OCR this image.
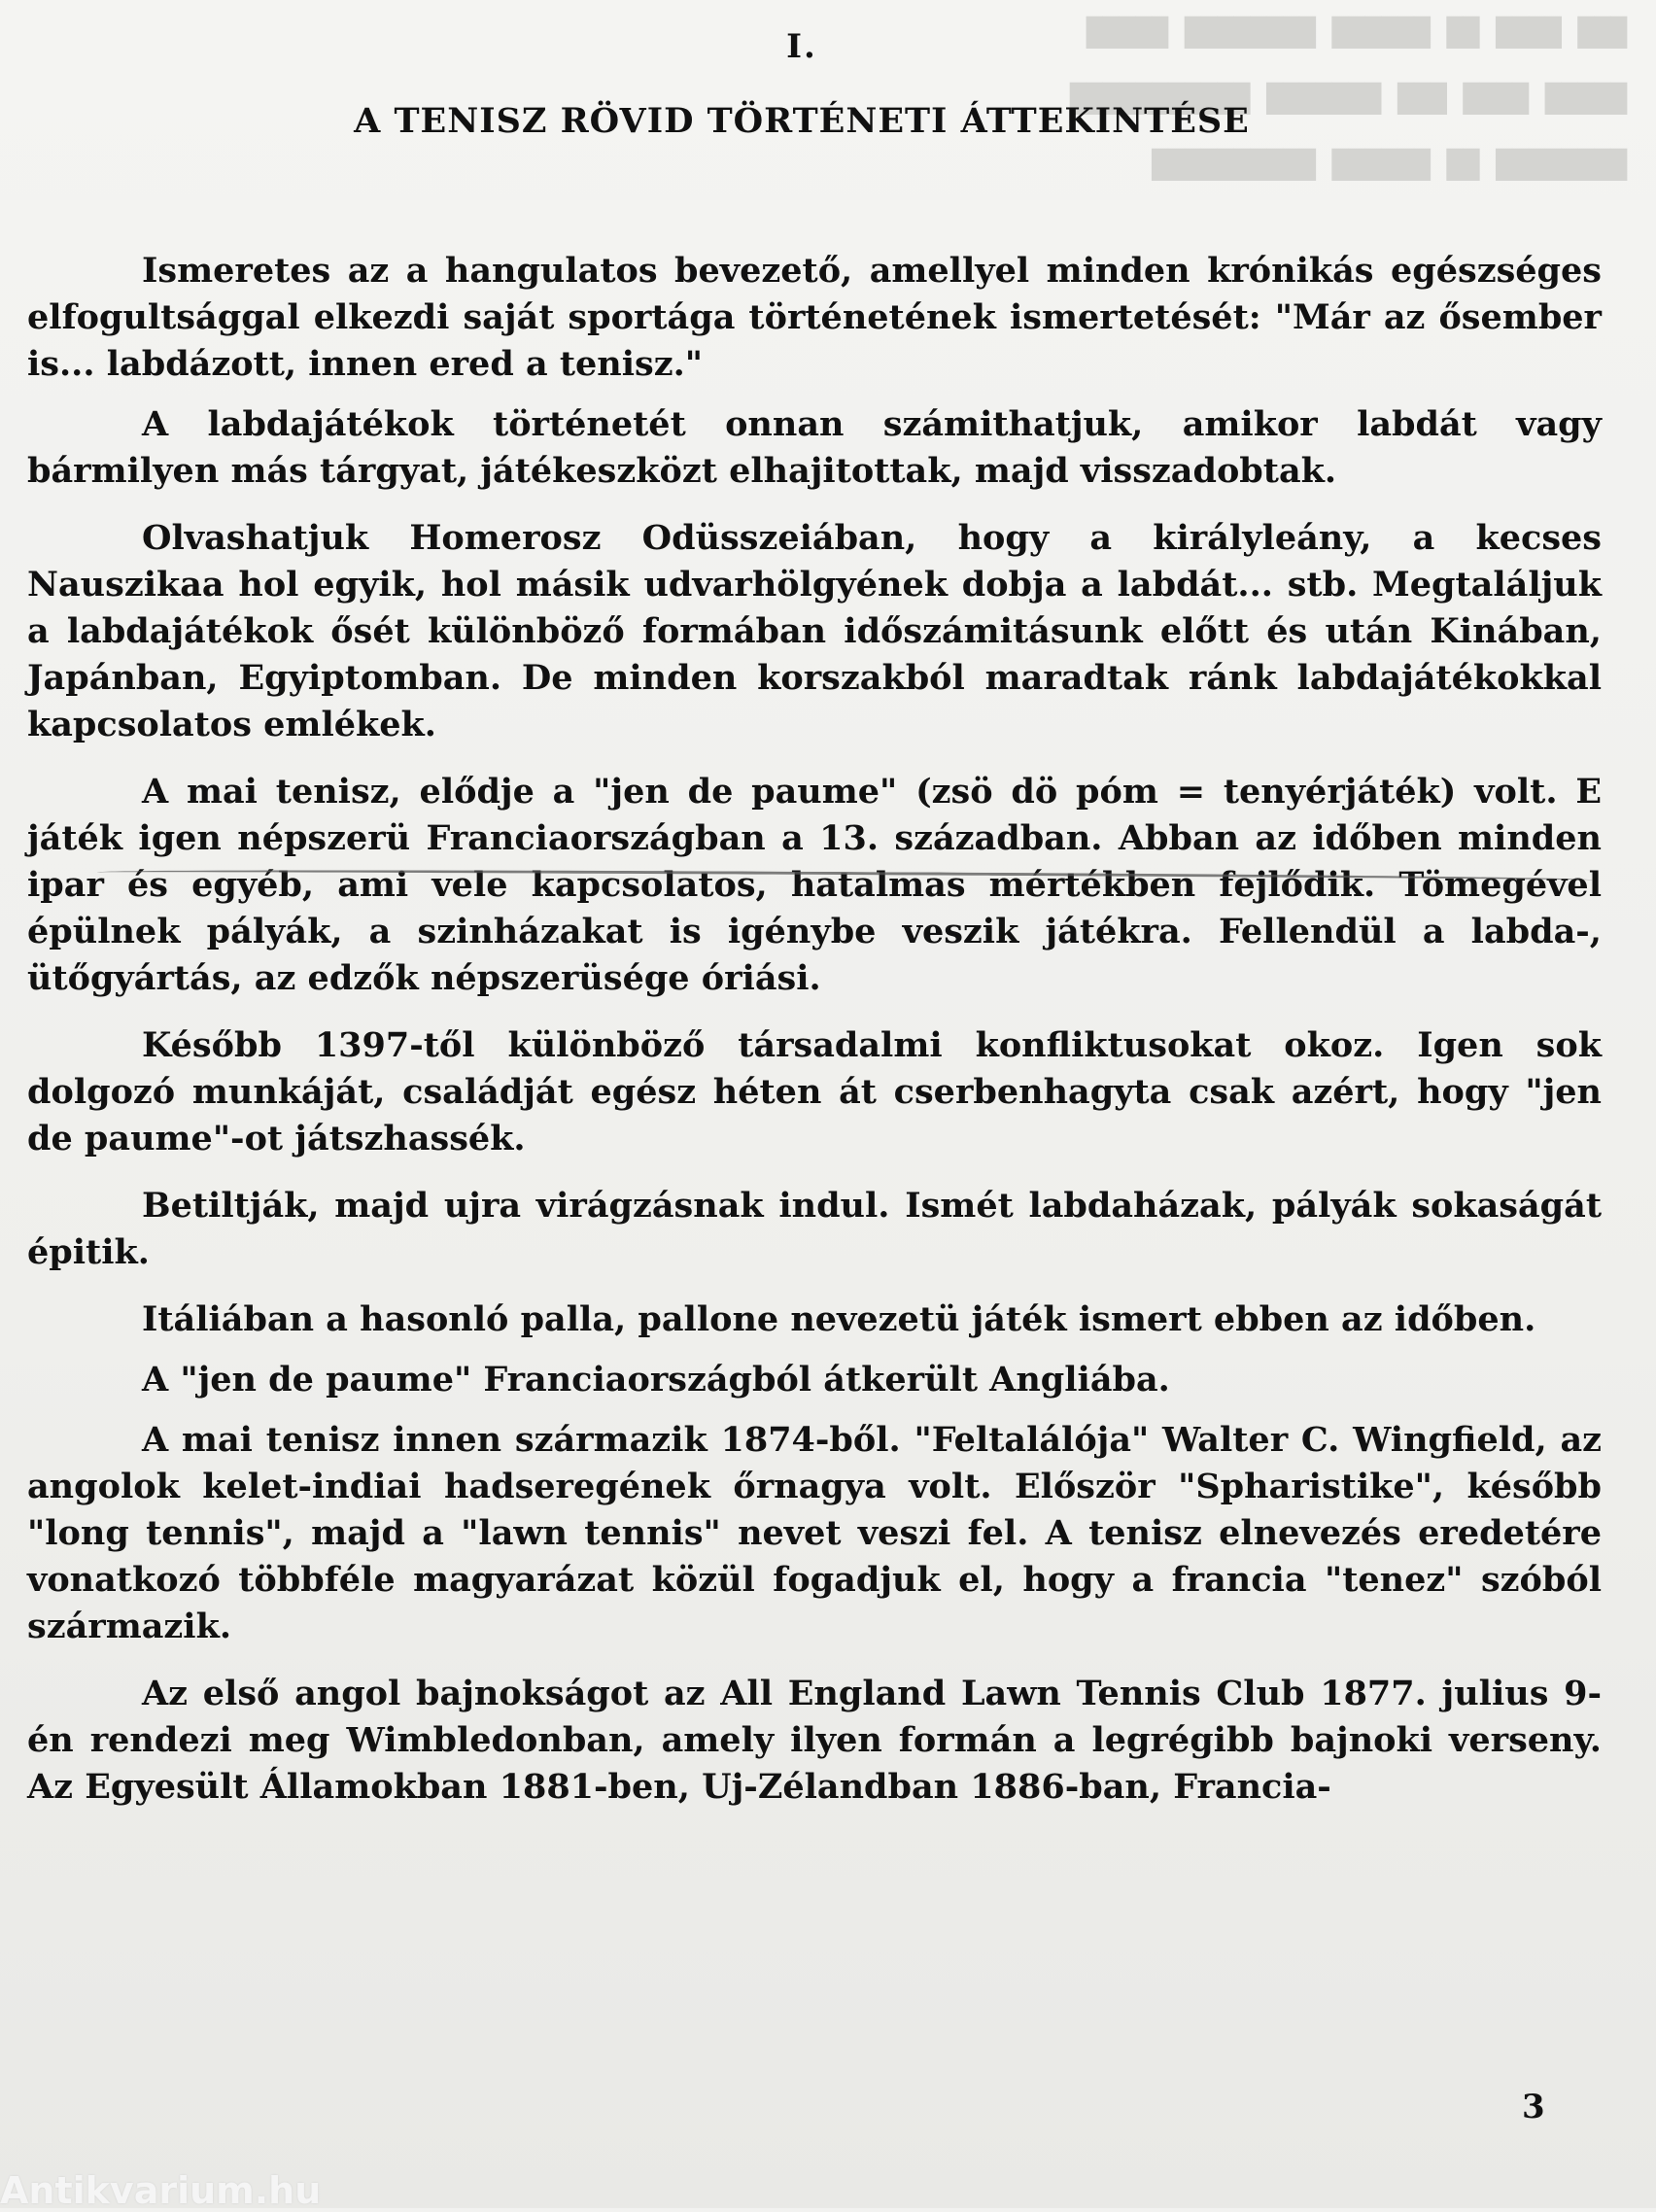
███ ████ ██ ██████ ████████ █████
█████ ████ ███ ███████ ███████████
████████ ██ ██████ ██████████
I.
A TENISZ RÖVID TÖRTÉNETI ÁTTEKINTÉSE

Ismeretes az a hangulatos bevezető, amellyel minden krónikás egészséges elfogultsággal elkezdi saját sportága történetének ismertetését: "Már az ősember is... labdázott, innen ered a tenisz."

A labdajátékok történetét onnan számithatjuk, amikor labdát vagy bármilyen más tárgyat, játékeszközt elhajitottak, majd visszadobtak.

Olvashatjuk Homerosz Odüsszeiában, hogy a királyleány, a kecses Nauszikaa hol egyik, hol másik udvarhölgyének dobja a labdát... stb. Megtaláljuk a labdajátékok ősét különböző formában időszámitásunk előtt és után Kinában, Japánban, Egyiptomban. De minden korszakból maradtak ránk labdajátékokkal kapcsolatos emlékek.

A mai tenisz, elődje a "jen de paume" (zsö dö póm = tenyérjáték) volt. E játék igen népszerü Franciaországban a 13. században. Abban az időben minden ipar és egyéb, ami vele kapcsolatos, hatalmas mértékben fejlődik. Tömegével épülnek pályák, a szinházakat is igénybe veszik játékra. Fellendül a labda-, ütőgyártás, az edzők népszerüsége óriási.

Később 1397-től különböző társadalmi konfliktusokat okoz. Igen sok dolgozó munkáját, családját egész héten át cserbenhagyta csak azért, hogy "jen de paume"-ot játszhassék.

Betiltják, majd ujra virágzásnak indul. Ismét labdaházak, pályák sokaságát épitik.

Itáliában a hasonló palla, pallone nevezetü játék ismert ebben az időben.

A "jen de paume" Franciaországból átkerült Angliába.

A mai tenisz innen származik 1874-ből. "Feltalálója" Walter C. Wingfield, az angolok kelet-indiai hadseregének őrnagya volt. Először "Spharistike", később "long tennis", majd a "lawn tennis" nevet veszi fel. A tenisz elnevezés eredetére vonatkozó többféle magyarázat közül fogadjuk el, hogy a francia "tenez" szóból származik.

Az első angol bajnokságot az All England Lawn Tennis Club 1877. julius 9-én rendezi meg Wimbledonban, amely ilyen formán a legrégibb bajnoki verseny. Az Egyesült Államokban 1881-ben, Uj-Zélandban 1886-ban, Francia-

3
Antikvarium.hu
